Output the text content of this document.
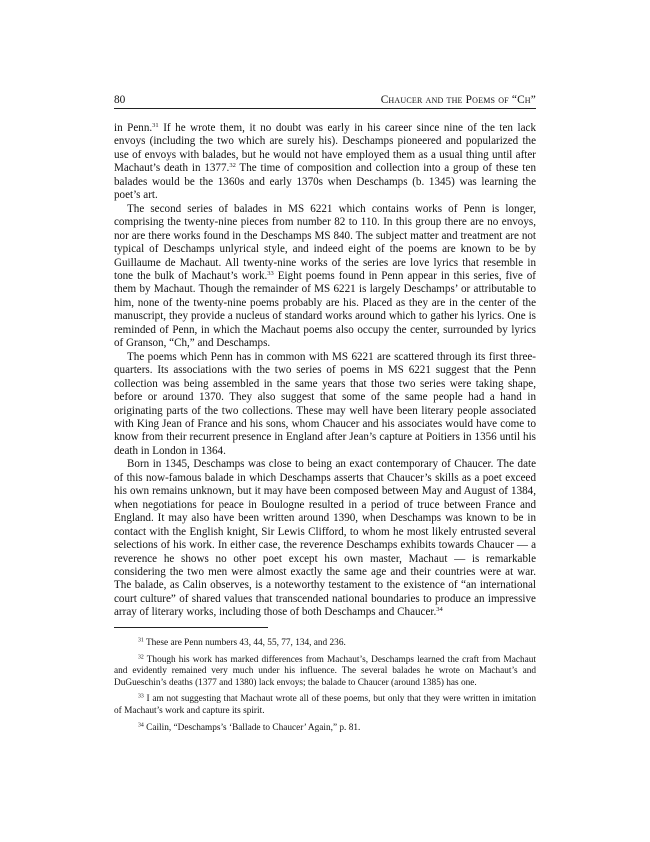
80	Chaucer and the Poems of “Ch”

in Penn.$^{31}$ If he wrote them, it no doubt was early in his career since nine of the ten lack envoys (including the two which are surely his). Deschamps pioneered and popularized the use of envoys with balades, but he would not have employed them as a usual thing until after Machaut’s death in 1377.32 The time of composition and collection into a group of these ten balades would be the 1360s and early 1370s when Deschamps (b. 1345) was learning the poet’s art.

The second series of balades in MS 6221 which contains works of Penn is longer, comprising the twenty-nine pieces from number 82 to 110. In this group there are no envoys, nor are there works found in the Deschamps MS 840. The subject matter and treatment are not typical of Deschamps unlyrical style, and indeed eight of the poems are known to be by Guillaume de Machaut. All twenty-nine works of the series are love lyrics that resemble in tone the bulk of Machaut’s work.$^{33}$ Eight poems found in Penn appear in this series, five of them by Machaut. Though the remainder of MS 6221 is largely Deschamps’ or attributable to him, none of the twenty-nine poems probably are his. Placed as they are in the center of the manuscript, they provide a nucleus of standard works around which to gather his lyrics. One is reminded of Penn, in which the Machaut poems also occupy the center, surrounded by lyrics of Granson, “Ch,” and Deschamps.

The poems which Penn has in common with MS 6221 are scattered through its first three-quarters. Its associations with the two series of poems in MS 6221 suggest that the Penn collection was being assembled in the same years that those two series were taking shape, before or around 1370. They also suggest that some of the same people had a hand in originating parts of the two collections. These may well have been literary people associated with King Jean of France and his sons, whom Chaucer and his associates would have come to know from their recurrent presence in England after Jean’s capture at Poitiers in 1356 until his death in London in 1364.

Born in 1345, Deschamps was close to being an exact contemporary of Chaucer. The date of this now-famous balade in which Deschamps asserts that Chaucer’s skills as a poet exceed his own remains unknown, but it may have been composed between May and August of 1384, when negotiations for peace in Boulogne resulted in a period of truce between France and England. It may also have been written around 1390, when Deschamps was known to be in contact with the English knight, Sir Lewis Clifford, to whom he most likely entrusted several selections of his work. In either case, the reverence Deschamps exhibits towards Chaucer — a reverence he shows no other poet except his own master, Machaut — is remarkable considering the two men were almost exactly the same age and their countries were at war. The balade, as Calin observes, is a noteworthy testament to the existence of “an international court culture” of shared values that transcended national boundaries to produce an impressive array of literary works, including those of both Deschamps and Chaucer.$^{34}$

$^{31}$ These are Penn numbers 43, 44, 55, 77, 134, and 236.

$^{32}$ Though his work has marked differences from Machaut’s, Deschamps learned the craft from Machaut and evidently remained very much under his influence. The several balades he wrote on Machaut’s and DuGueschin’s deaths (1377 and 1380) lack envoys; the balade to Chaucer (around 1385) has one.

$^{33}$ I am not suggesting that Machaut wrote all of these poems, but only that they were written in imitation of Machaut’s work and capture its spirit.

$^{34}$ Cailin, “Deschamps’s ‘Ballade to Chaucer’ Again,” p. 81.
